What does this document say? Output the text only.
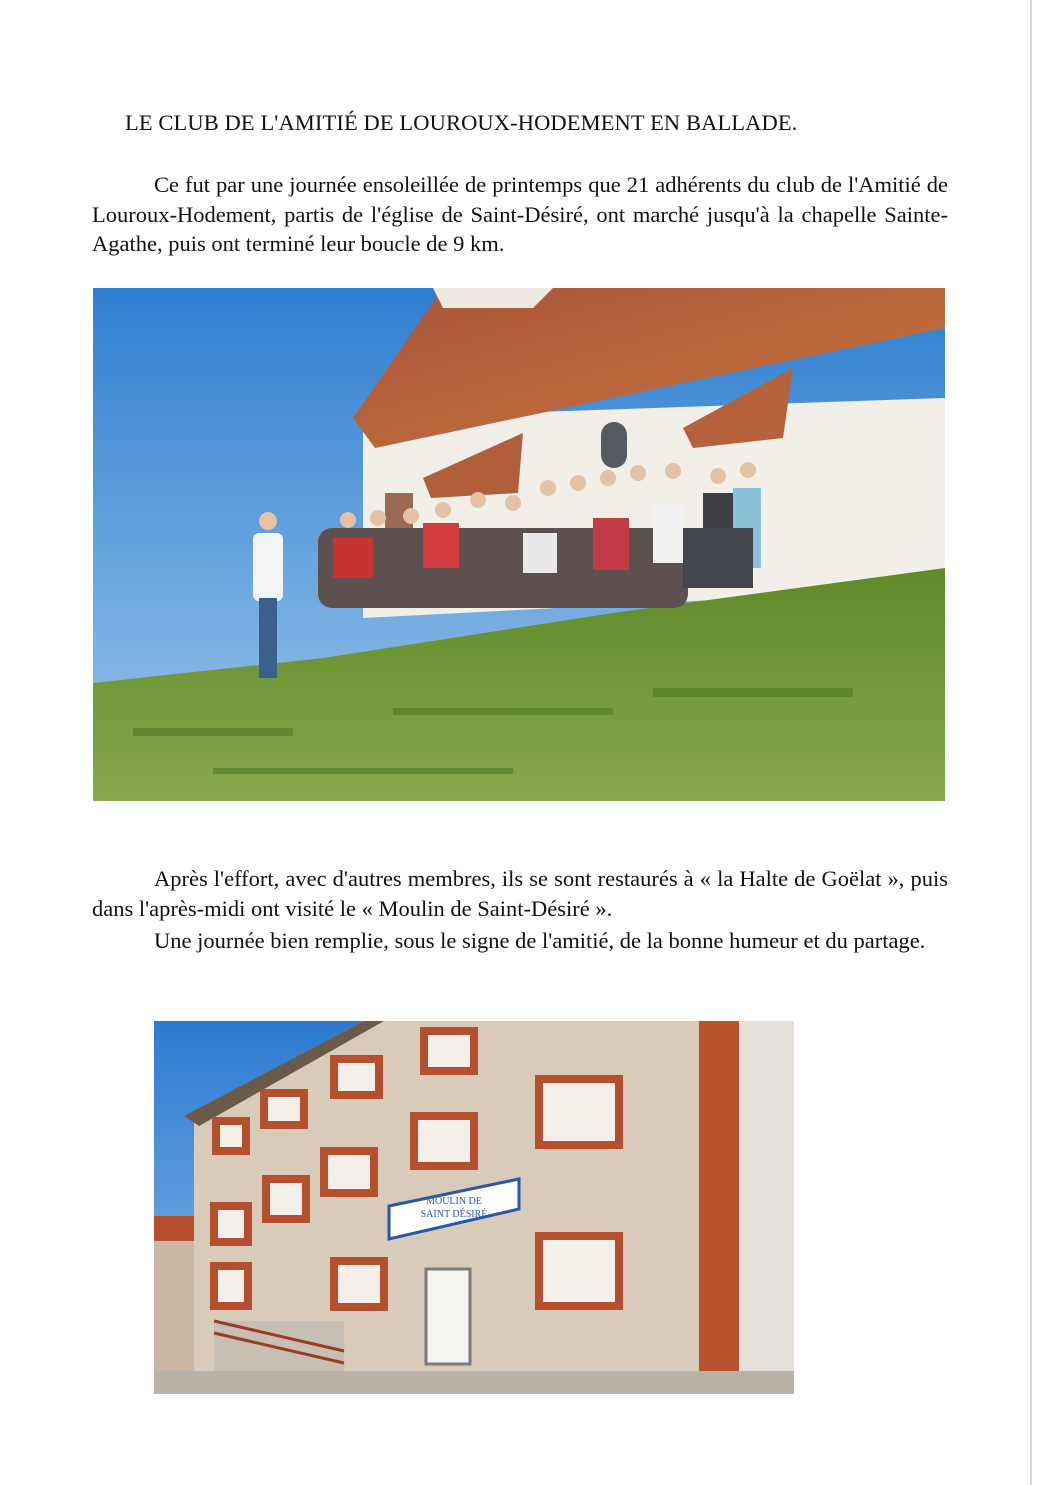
LE CLUB DE L'AMITIÉ DE LOUROUX-HODEMENT EN BALLADE.
Ce fut par une journée ensoleillée de printemps que 21 adhérents du club de l'Amitié de Louroux-Hodement, partis de l'église de Saint-Désiré, ont marché jusqu'à la chapelle Sainte-Agathe, puis ont terminé leur boucle de 9 km.
Après l'effort, avec d'autres membres, ils se sont restaurés à « la Halte de Goëlat », puis dans l'après-midi ont visité le « Moulin de Saint-Désiré ».
Une journée bien remplie, sous le signe de l'amitié, de la bonne humeur et du partage.
MOULIN DE
SAINT DÉSIRÉ
